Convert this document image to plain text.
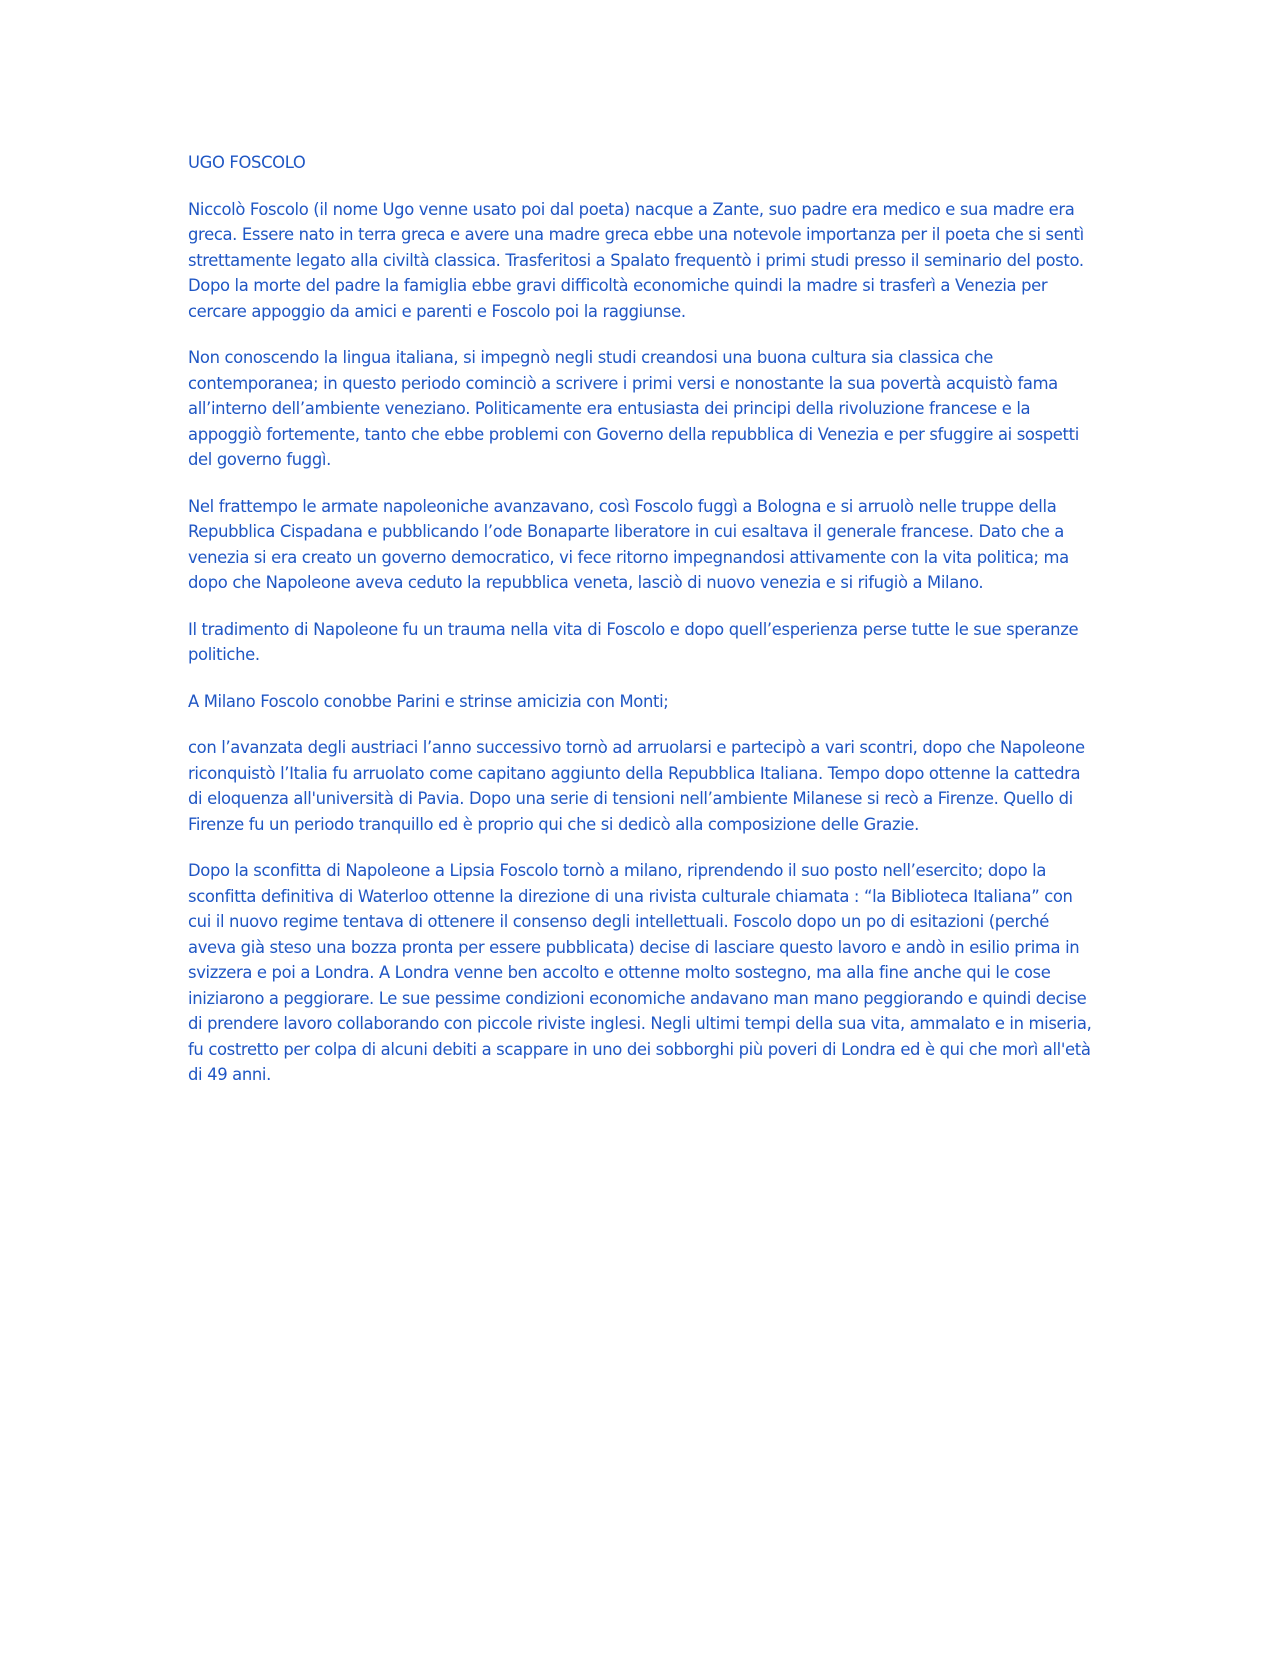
UGO FOSCOLO

Niccolò Foscolo (il nome Ugo venne usato poi dal poeta) nacque a Zante, suo padre era medico e sua madre era greca. Essere nato in terra greca e avere una madre greca ebbe una notevole importanza per il poeta che si sentì strettamente legato alla civiltà classica. Trasferitosi a Spalato frequentò i primi studi presso il seminario del posto. Dopo la morte del padre la famiglia ebbe gravi difficoltà economiche quindi la madre si trasferì a Venezia per cercare appoggio da amici e parenti e Foscolo poi la raggiunse.

Non conoscendo la lingua italiana, si impegnò negli studi creandosi una buona cultura sia classica che contemporanea; in questo periodo cominciò a scrivere i primi versi e nonostante la sua povertà acquistò fama all’interno dell’ambiente veneziano. Politicamente era entusiasta dei principi della rivoluzione francese e la appoggiò fortemente, tanto che ebbe problemi con Governo della repubblica di Venezia e per sfuggire ai sospetti del governo fuggì.

Nel frattempo le armate napoleoniche avanzavano, così Foscolo fuggì a Bologna e si arruolò nelle truppe della Repubblica Cispadana e pubblicando l’ode Bonaparte liberatore in cui esaltava il generale francese. Dato che a venezia si era creato un governo democratico, vi fece ritorno impegnandosi attivamente con la vita politica; ma dopo che Napoleone aveva ceduto la repubblica veneta, lasciò di nuovo venezia e si rifugiò a Milano.

Il tradimento di Napoleone fu un trauma nella vita di Foscolo e dopo quell’esperienza perse tutte le sue speranze politiche.

A Milano Foscolo conobbe Parini e strinse amicizia con Monti;

con l’avanzata degli austriaci l’anno successivo tornò ad arruolarsi e partecipò a vari scontri, dopo che Napoleone riconquistò l’Italia fu arruolato come capitano aggiunto della Repubblica Italiana. Tempo dopo ottenne la cattedra di eloquenza all'università di Pavia. Dopo una serie di tensioni nell’ambiente Milanese si recò a Firenze. Quello di Firenze fu un periodo tranquillo ed è proprio qui che si dedicò alla composizione delle Grazie.

Dopo la sconfitta di Napoleone a Lipsia Foscolo tornò a milano, riprendendo il suo posto nell’esercito; dopo la sconfitta definitiva di Waterloo ottenne la direzione di una rivista culturale chiamata : “la Biblioteca Italiana” con cui il nuovo regime tentava di ottenere il consenso degli intellettuali. Foscolo dopo un po di esitazioni (perché aveva già steso una bozza pronta per essere pubblicata) decise di lasciare questo lavoro e andò in esilio prima in svizzera e poi a Londra. A Londra venne ben accolto e ottenne molto sostegno, ma alla fine anche qui le cose iniziarono a peggiorare. Le sue pessime condizioni economiche andavano man mano peggiorando e quindi decise di prendere lavoro collaborando con piccole riviste inglesi. Negli ultimi tempi della sua vita, ammalato e in miseria, fu costretto per colpa di alcuni debiti a scappare in uno dei sobborghi più poveri di Londra ed è qui che morì all'età di 49 anni.
